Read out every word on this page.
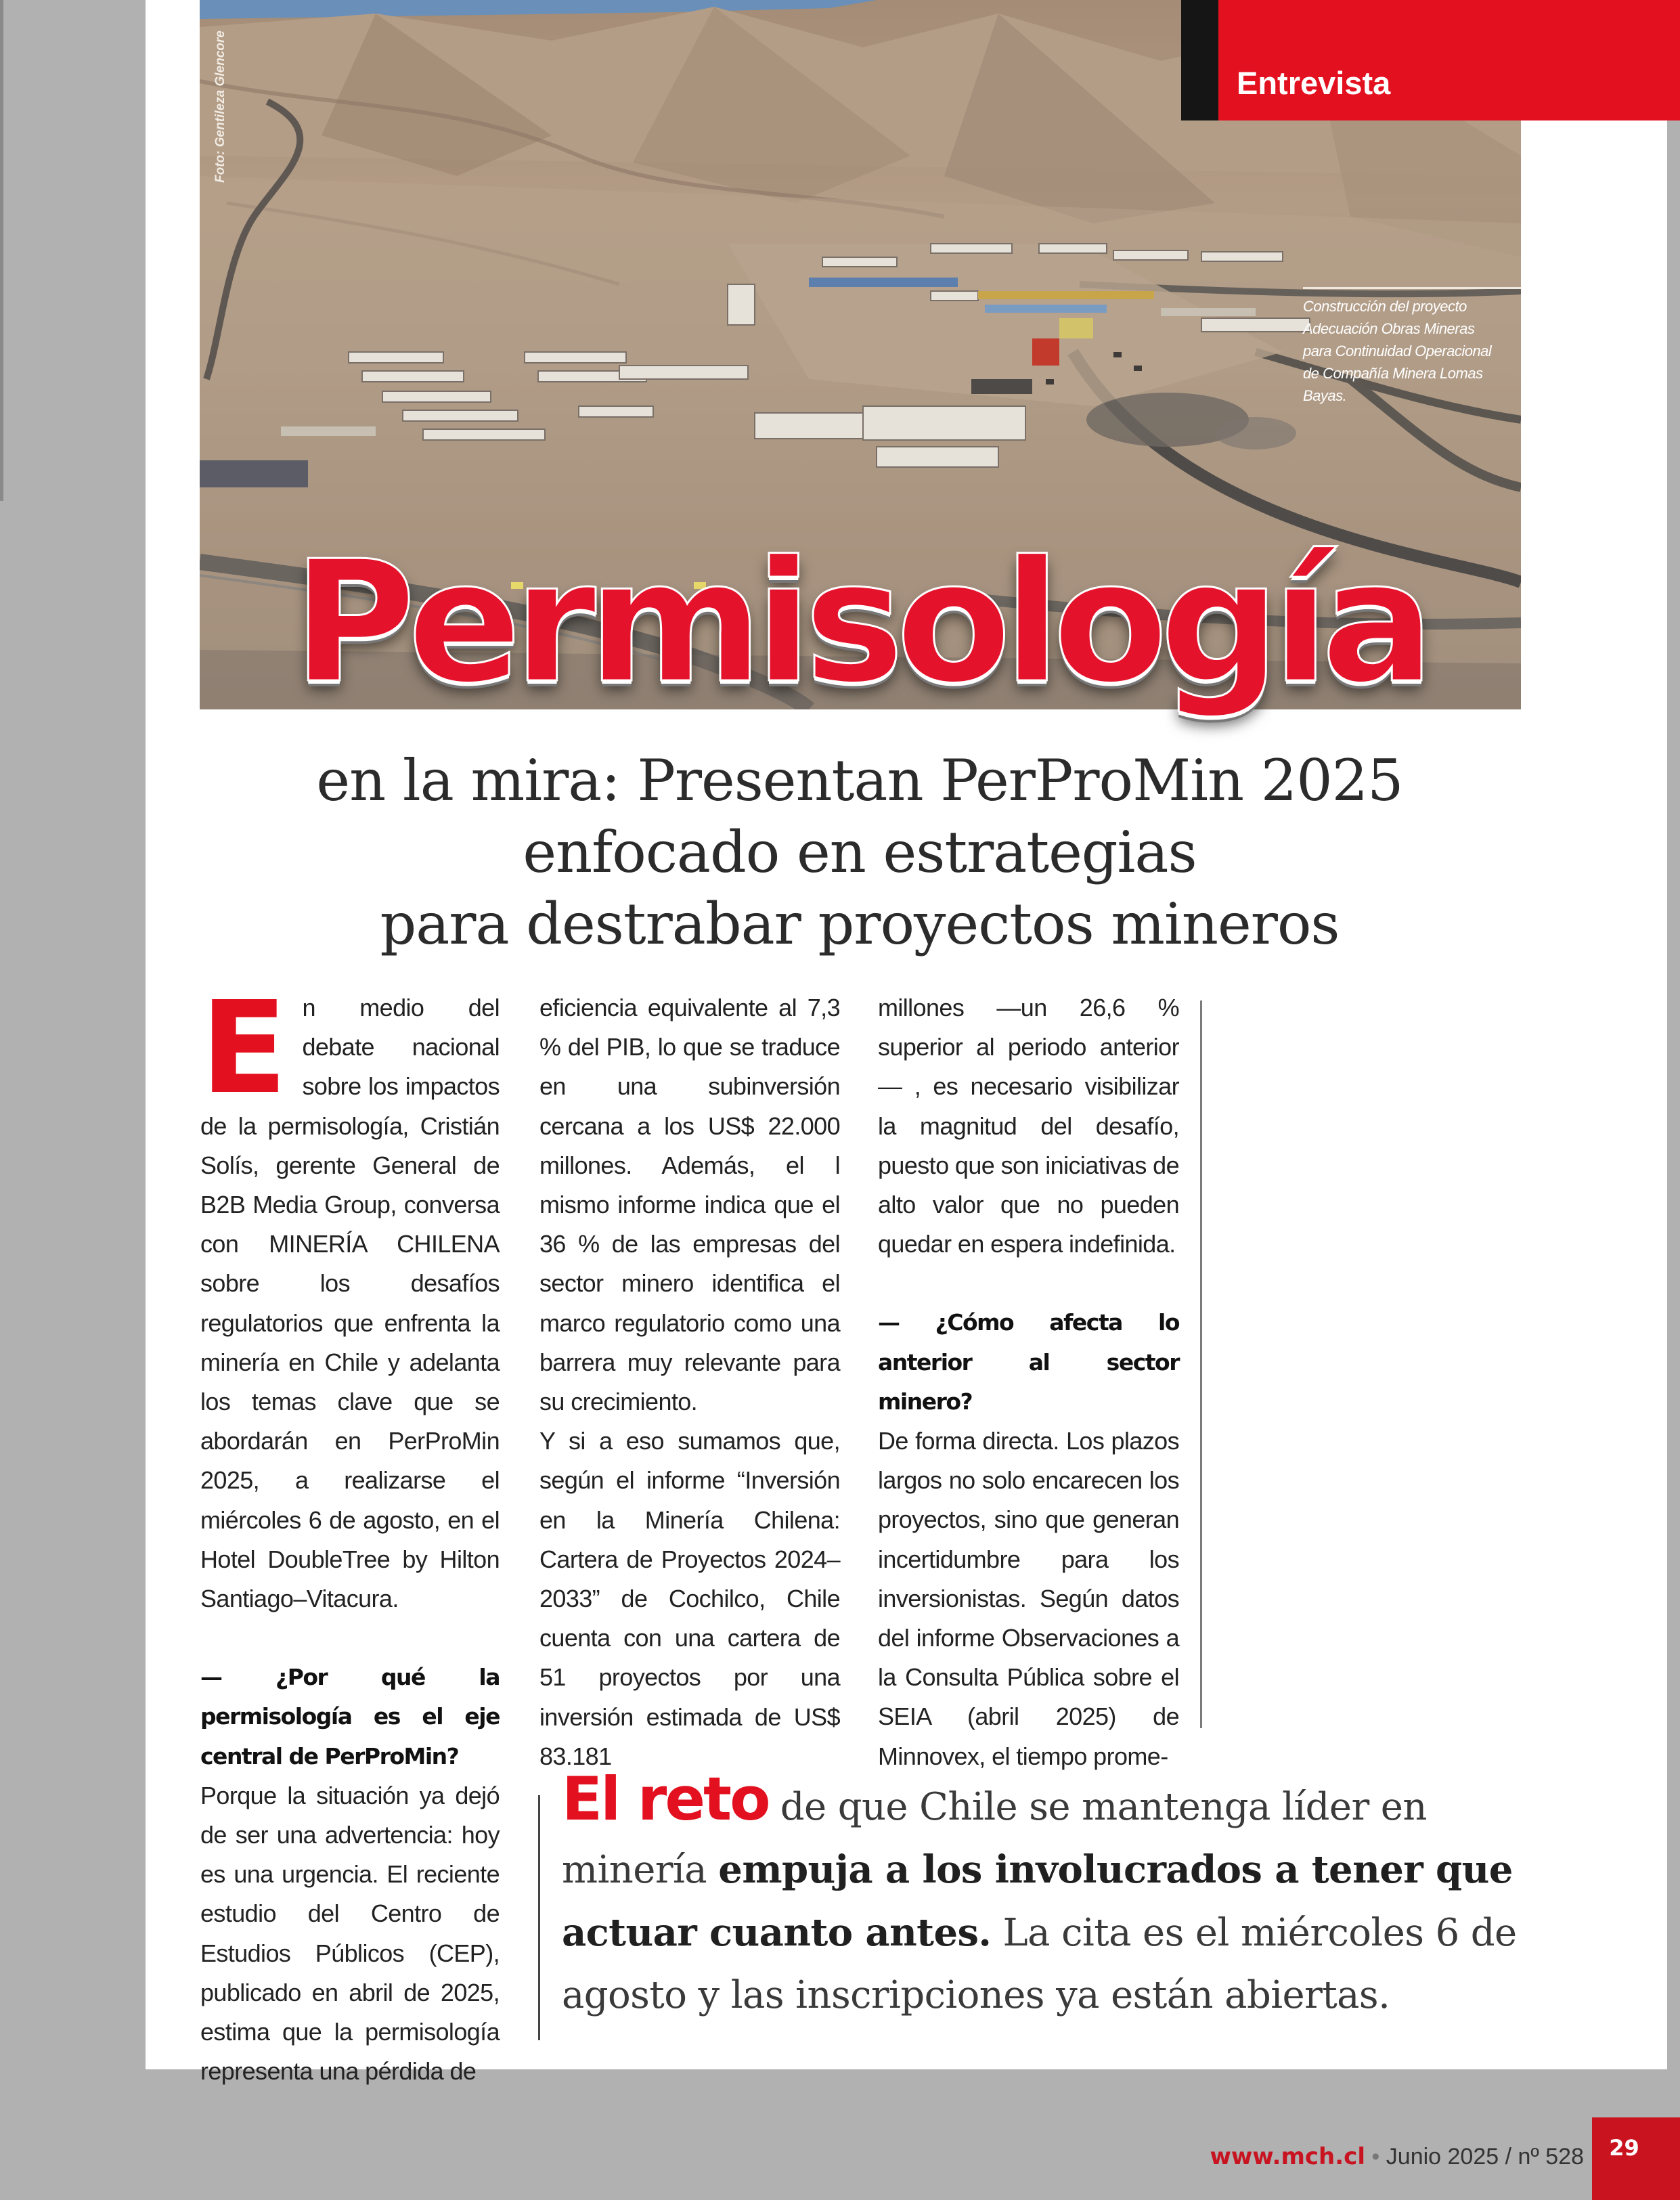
Foto: Gentileza Glencore
Construcción del proyecto Adecuación Obras Mineras para Continuidad Operacional de Compañía Minera Lomas Bayas.
Entrevista
Permisología
en la mira: Presentan PerProMin 2025
enfocado en estrategias
para destrabar proyectos mineros

En medio del debate nacional sobre los impactos de la permisología, Cristián Solís, gerente General de B2B Media Group, conversa con MINERÍA CHILENA sobre los desafíos regulatorios que enfrenta la minería en Chile y adelanta los temas clave que se abordarán en PerProMin 2025, a realizarse el miércoles 6 de agosto, en el Hotel DoubleTree by Hilton Santiago–Vitacura.

— ¿Por qué la permisología es el eje central de PerProMin?

Porque la situación ya dejó de ser una advertencia: hoy es una urgencia. El reciente estudio del Centro de Estudios Públicos (CEP), publicado en abril de 2025, estima que la permisología representa una pérdida de

eficiencia equivalente al 7,3 % del PIB, lo que se traduce en una subinversión cercana a los US$ 22.000 millones. Además, el l mismo informe indica que el 36 % de las empresas del sector minero identifica el marco regulatorio como una barrera muy relevante para su crecimiento.

Y si a eso sumamos que, según el informe “Inversión en la Minería Chilena: Cartera de Proyectos 2024–2033” de Cochilco, Chile cuenta con una cartera de 51 proyectos por una inversión estimada de US$ 83.181

millones —un 26,6 % superior al periodo anterior— , es necesario visibilizar la magnitud del desafío, puesto que son iniciativas de alto valor que no pueden quedar en espera indefinida.

— ¿Cómo afecta lo anterior al sector minero?

De forma directa. Los plazos largos no solo encarecen los proyectos, sino que generan incertidumbre para los inversionistas. Según datos del informe Observaciones a la Consulta Pública sobre el SEIA (abril 2025) de Minnovex, el tiempo prome-

El reto de que Chile se mantenga líder en minería empuja a los involucrados a tener que actuar cuanto antes. La cita es el miércoles 6 de agosto y las inscripciones ya están abiertas.
www.mch.cl • Junio 2025 / nº 528	29
